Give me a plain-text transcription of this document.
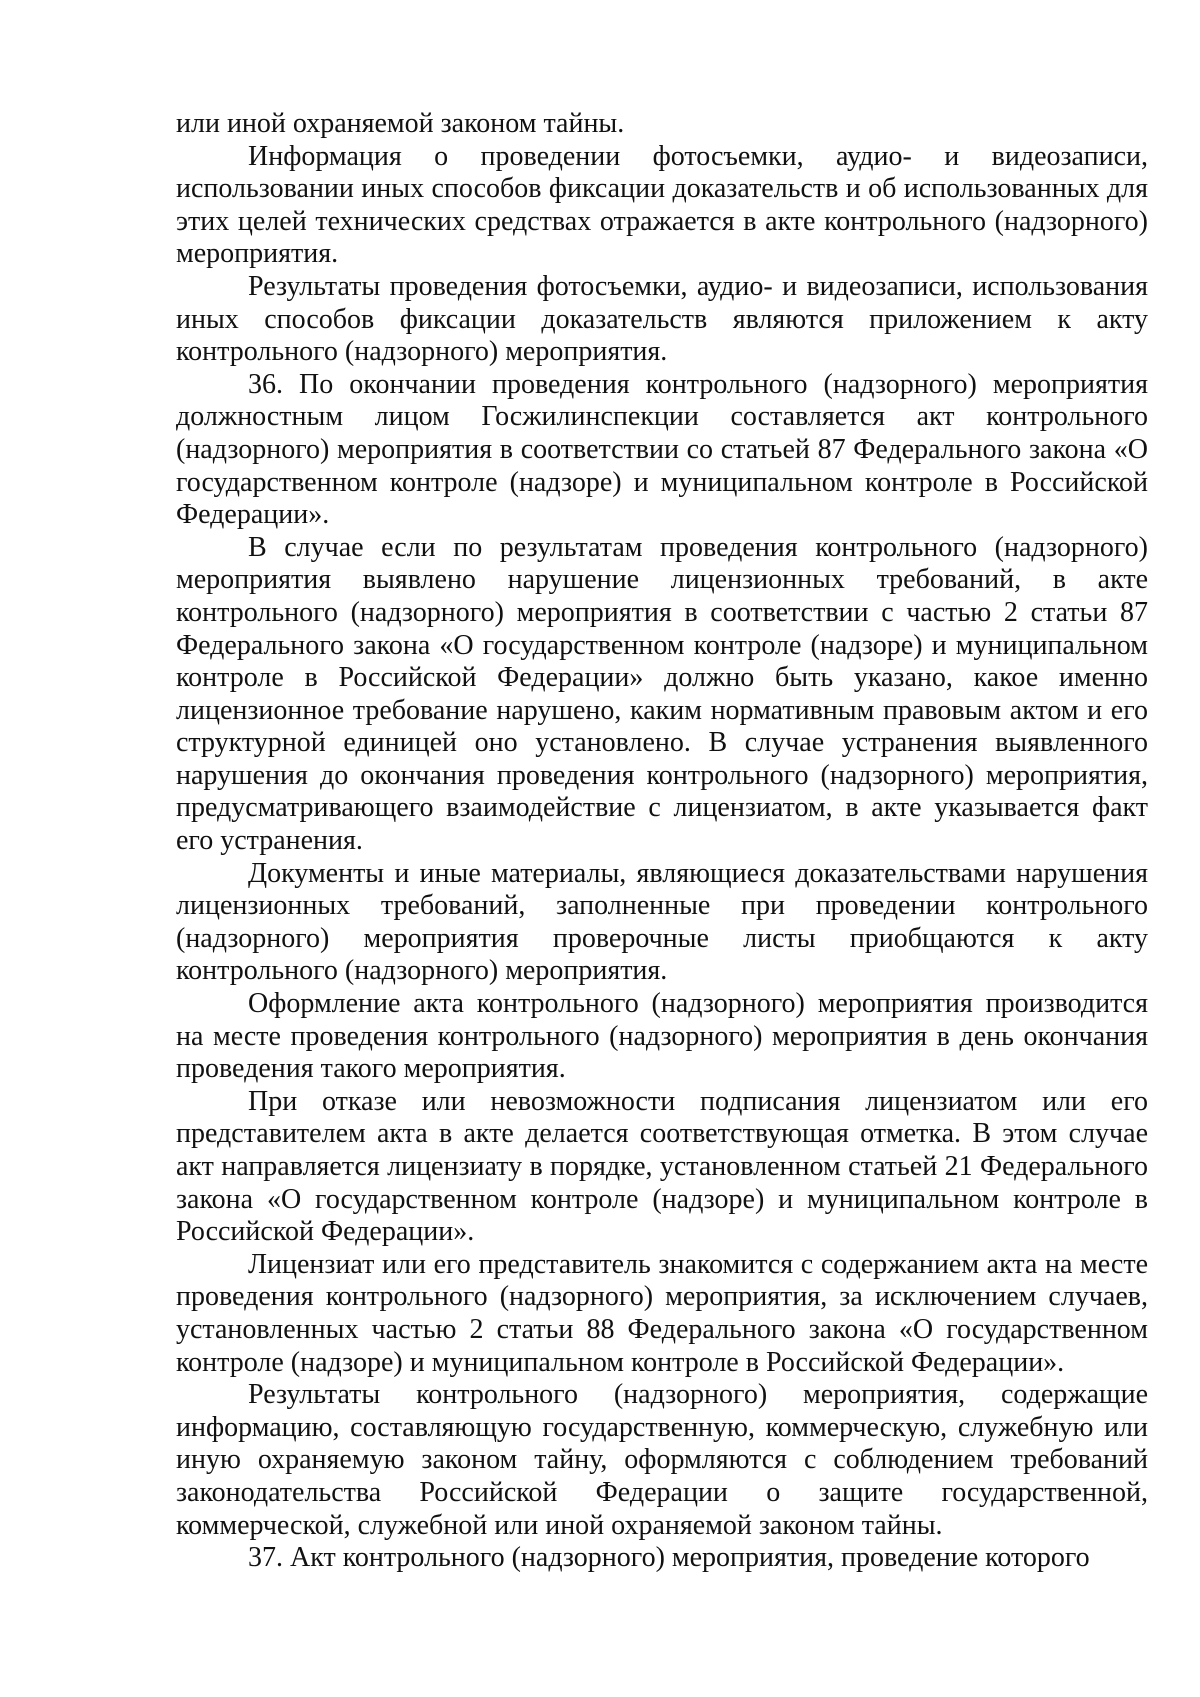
или иной охраняемой законом тайны.

Информация о проведении фотосъемки, аудио- и видеозаписи, использовании иных способов фиксации доказательств и об использованных для этих целей технических средствах отражается в акте контрольного (надзорного) мероприятия.

Результаты проведения фотосъемки, аудио- и видеозаписи, использования иных способов фиксации доказательств являются приложением к акту контрольного (надзорного) мероприятия.

36. По окончании проведения контрольного (надзорного) мероприятия должностным лицом Госжилинспекции составляется акт контрольного (надзорного) мероприятия в соответствии со статьей 87 Федерального закона «О государственном контроле (надзоре) и муниципальном контроле в Российской Федерации».

В случае если по результатам проведения контрольного (надзорного) мероприятия выявлено нарушение лицензионных требований, в акте контрольного (надзорного) мероприятия в соответствии с частью 2 статьи 87 Федерального закона «О государственном контроле (надзоре) и муниципальном контроле в Российской Федерации» должно быть указано, какое именно лицензионное требование нарушено, каким нормативным правовым актом и его структурной единицей оно установлено. В случае устранения выявленного нарушения до окончания проведения контрольного (надзорного) мероприятия, предусматривающего взаимодействие с лицензиатом, в акте указывается факт его устранения.

Документы и иные материалы, являющиеся доказательствами нарушения лицензионных требований, заполненные при проведении контрольного (надзорного) мероприятия проверочные листы приобщаются к акту контрольного (надзорного) мероприятия.

Оформление акта контрольного (надзорного) мероприятия производится на месте проведения контрольного (надзорного) мероприятия в день окончания проведения такого мероприятия.

При отказе или невозможности подписания лицензиатом или его представителем акта в акте делается соответствующая отметка. В этом случае акт направляется лицензиату в порядке, установленном статьей 21 Федерального закона «О государственном контроле (надзоре) и муниципальном контроле в Российской Федерации».

Лицензиат или его представитель знакомится с содержанием акта на месте проведения контрольного (надзорного) мероприятия, за исключением случаев, установленных частью 2 статьи 88 Федерального закона «О государственном контроле (надзоре) и муниципальном контроле в Российской Федерации».

Результаты контрольного (надзорного) мероприятия, содержащие информацию, составляющую государственную, коммерческую, служебную или иную охраняемую законом тайну, оформляются с соблюдением требований законодательства Российской Федерации о защите государственной, коммерческой, служебной или иной охраняемой законом тайны.

37. Акт контрольного (надзорного) мероприятия, проведение которого
